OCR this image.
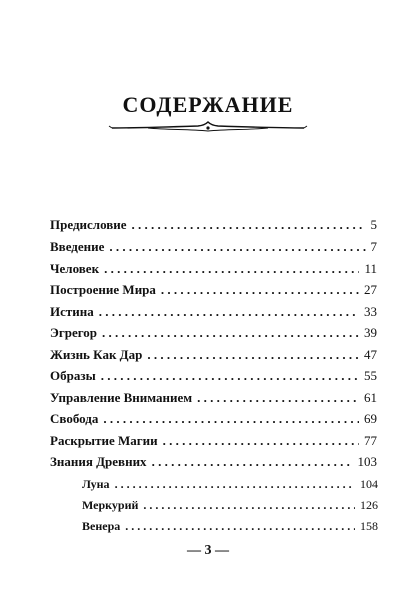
СОДЕРЖАНИЕ
Предисловие . . .	5
Введение . . .	7
Человек . . .	11
Построение Мира . . .	27
Истина . . .	33
Эгрегор . . .	39
Жизнь Как Дар . . .	47
Образы . . .	55
Управление Вниманием . . .	61
Свобода . . .	69
Раскрытие Магии . . .	77
Знания Древних . . .	103
Луна . . .	104
Меркурий . . .	126
Венера . . .	158
— 3 —
